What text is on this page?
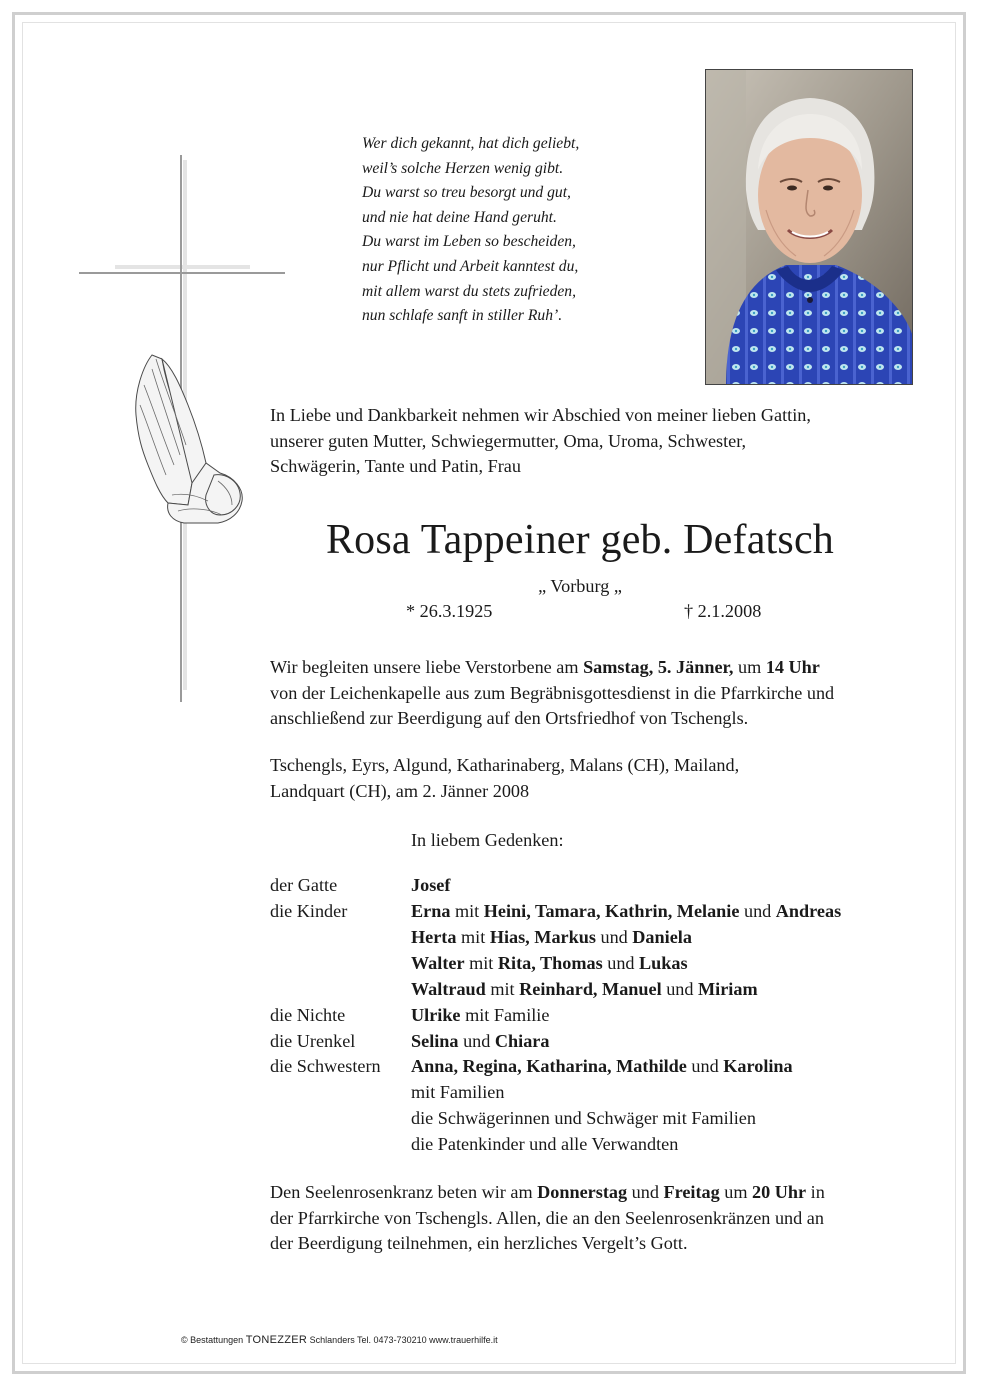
Wer dich gekannt, hat dich geliebt,
weil’s solche Herzen wenig gibt.
Du warst so treu besorgt und gut,
und nie hat deine Hand geruht.
Du warst im Leben so bescheiden,
nur Pflicht und Arbeit kanntest du,
mit allem warst du stets zufrieden,
nun schlafe sanft in stiller Ruh’.
In Liebe und Dankbarkeit nehmen wir Abschied von meiner lieben Gattin,
unserer guten Mutter, Schwiegermutter, Oma, Uroma, Schwester,
Schwägerin, Tante und Patin, Frau
Rosa Tappeiner geb. Defatsch
„ Vorburg „
* 26.3.1925	† 2.1.2008
Wir begleiten unsere liebe Verstorbene am Samstag, 5. Jänner, um 14 Uhr
von der Leichenkapelle aus zum Begräbnisgottesdienst in die Pfarrkirche und
anschließend zur Beerdigung auf den Ortsfriedhof von Tschengls.
Tschengls, Eyrs, Algund, Katharinaberg, Malans (CH), Mailand,
Landquart (CH), am 2. Jänner 2008
In liebem Gedenken:
der Gatte	Josef
die Kinder	Erna mit Heini, Tamara, Kathrin, Melanie und Andreas
Herta mit Hias, Markus und Daniela
Walter mit Rita, Thomas und Lukas
Waltraud mit Reinhard, Manuel und Miriam
die Nichte	Ulrike mit Familie
die Urenkel	Selina und Chiara
die Schwestern Anna, Regina, Katharina, Mathilde und Karolina
mit Familien
die Schwägerinnen und Schwäger mit Familien
die Patenkinder und alle Verwandten
Den Seelenrosenkranz beten wir am Donnerstag und Freitag um 20 Uhr in
der Pfarrkirche von Tschengls. Allen, die an den Seelenrosenkränzen und an
der Beerdigung teilnehmen, ein herzliches Vergelt’s Gott.
© Bestattungen TONEZZER Schlanders Tel. 0473-730210 www.trauerhilfe.it
